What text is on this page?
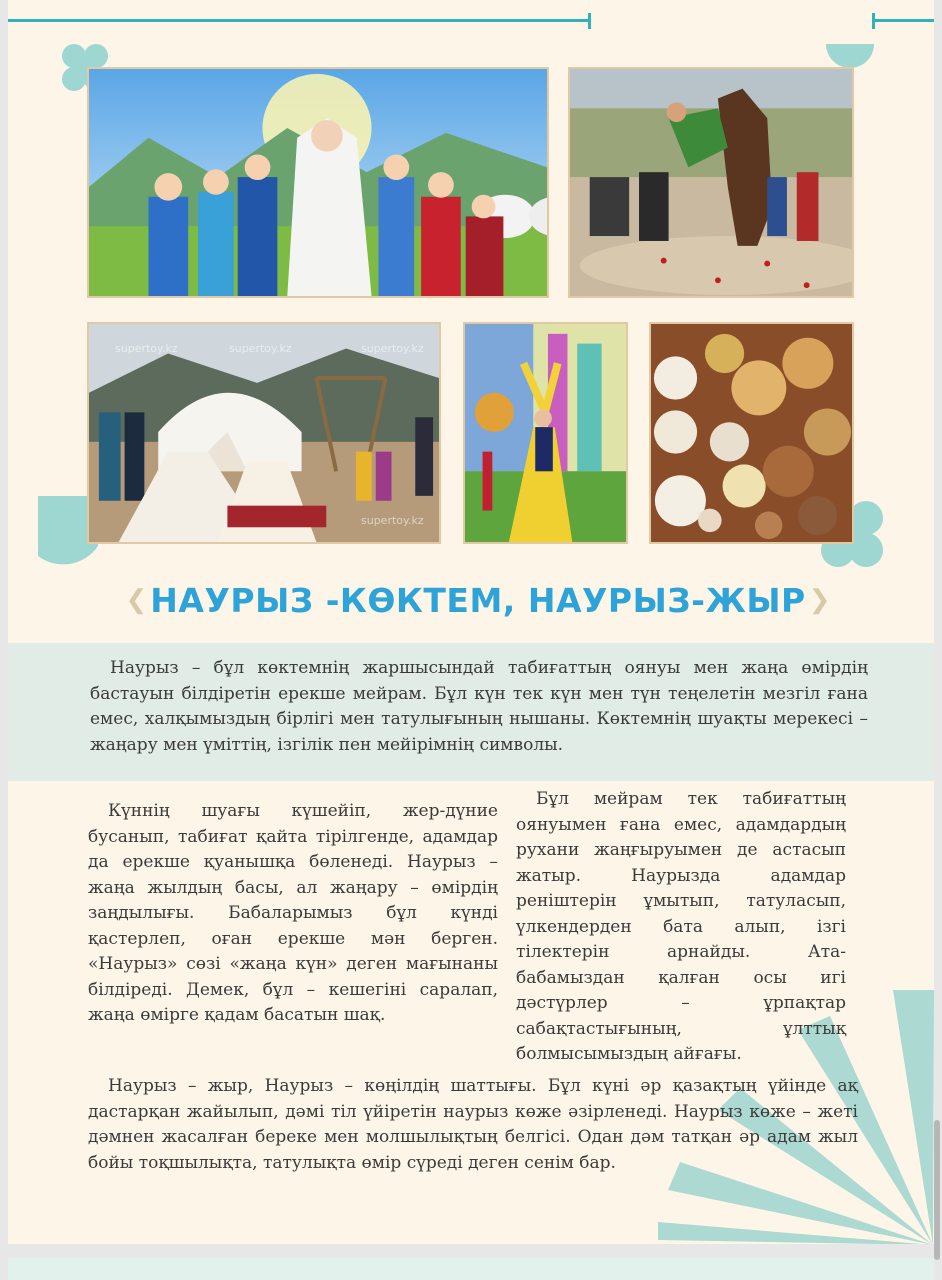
supertoy.kz	supertoy.kz	supertoy.kz
supertoy.kz
❮ НАУРЫЗ -КӨКТЕМ, НАУРЫЗ-ЖЫР ❯

Наурыз – бұл көктемнің жаршысындай табиғаттың оянуы мен жаңа өмірдің бастауын білдіретін ерекше мейрам. Бұл күн тек күн мен түн теңелетін мезгіл ғана емес, халқымыздың бірлігі мен татулығының нышаны. Көктемнің шуақты мерекесі – жаңару мен үміттің, ізгілік пен мейірімнің символы.

Күннің шуағы күшейіп, жер-дүние бусанып, табиғат қайта тірілгенде, адамдар да ерекше қуанышқа бөленеді. Наурыз – жаңа жылдың басы, ал жаңару – өмірдің заңдылығы. Бабаларымыз бұл күнді қастерлеп, оған ерекше мән берген. «Наурыз» сөзі «жаңа күн» деген мағынаны білдіреді. Демек, бұл – кешегіні саралап, жаңа өмірге қадам басатын шақ.

Бұл мейрам тек табиғаттың оянуымен ғана емес, адамдардың рухани жаңғыруымен де астасып жатыр. Наурызда адамдар реніштерін ұмытып, татуласып, үлкендерден бата алып, ізгі тілектерін арнайды. Ата-бабамыздан қалған осы игі дәстүрлер – ұрпақтар сабақтастығының, ұлттық болмысымыздың айғағы.

Наурыз – жыр, Наурыз – көңілдің шаттығы. Бұл күні әр қазақтың үйінде ақ дастарқан жайылып, дәмі тіл үйіретін наурыз көже әзірленеді. Наурыз көже – жеті дәмнен жасалған береке мен молшылықтың белгісі. Одан дәм татқан әр адам жыл бойы тоқшылықта, татулықта өмір сүреді деген сенім бар.
